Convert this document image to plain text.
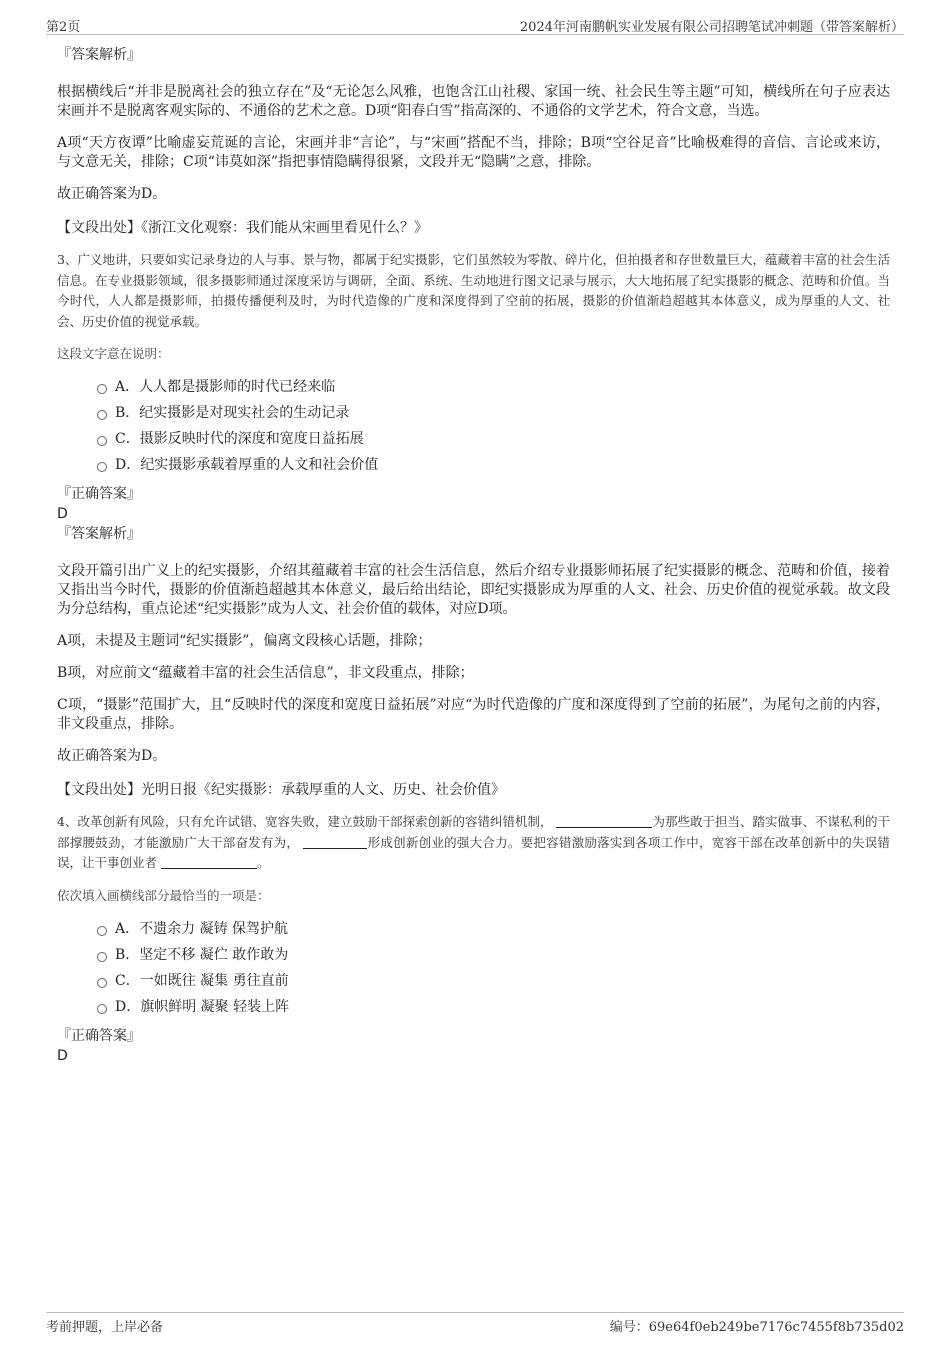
第2页	2024年河南鹏帆实业发展有限公司招聘笔试冲刺题（带答案解析）

『答案解析』

根据横线后“并非是脱离社会的独立存在”及“无论怎么风雅，也饱含江山社稷、家国一统、社会民生等主题”可知，横线所在句子应表达宋画并不是脱离客观实际的、不通俗的艺术之意。D项“阳春白雪”指高深的、不通俗的文学艺术，符合文意，当选。

A项“天方夜谭”比喻虚妄荒诞的言论，宋画并非“言论”，与“宋画”搭配不当，排除；B项“空谷足音”比喻极难得的音信、言论或来访，与文意无关，排除；C项“讳莫如深”指把事情隐瞒得很紧，文段并无“隐瞒”之意，排除。

故正确答案为D。

【文段出处】《浙江文化观察：我们能从宋画里看见什么？》

3、广义地讲，只要如实记录身边的人与事、景与物，都属于纪实摄影，它们虽然较为零散、碎片化，但拍摄者和存世数量巨大，蕴藏着丰富的社会生活信息。在专业摄影领域，很多摄影师通过深度采访与调研，全面、系统、生动地进行图文记录与展示，大大地拓展了纪实摄影的概念、范畴和价值。当今时代，人人都是摄影师，拍摄传播便利及时，为时代造像的广度和深度得到了空前的拓展，摄影的价值渐趋超越其本体意义，成为厚重的人文、社会、历史价值的视觉承载。

这段文字意在说明：

A．人人都是摄影师的时代已经来临
B．纪实摄影是对现实社会的生动记录
C．摄影反映时代的深度和宽度日益拓展
D．纪实摄影承载着厚重的人文和社会价值

『正确答案』

D

『答案解析』

文段开篇引出广义上的纪实摄影，介绍其蕴藏着丰富的社会生活信息，然后介绍专业摄影师拓展了纪实摄影的概念、范畴和价值，接着又指出当今时代，摄影的价值渐趋超越其本体意义，最后给出结论，即纪实摄影成为厚重的人文、社会、历史价值的视觉承载。故文段为分总结构，重点论述“纪实摄影”成为人文、社会价值的载体，对应D项。

A项，未提及主题词“纪实摄影”，偏离文段核心话题，排除；

B项，对应前文“蕴藏着丰富的社会生活信息”，非文段重点，排除；

C项，“摄影”范围扩大，且“反映时代的深度和宽度日益拓展”对应“为时代造像的广度和深度得到了空前的拓展”，为尾句之前的内容，非文段重点，排除。

故正确答案为D。

【文段出处】光明日报《纪实摄影：承载厚重的人文、历史、社会价值》

4、改革创新有风险，只有允许试错、宽容失败，建立鼓励干部探索创新的容错纠错机制，	为那些敢于担当、踏实做事、不谋私利的干部撑腰鼓劲，才能激励广大干部奋发有为，	形成创新创业的强大合力。要把容错激励落实到各项工作中，宽容干部在改革创新中的失误错误，让干事创业者	。

依次填入画横线部分最恰当的一项是：

A．不遗余力 凝铸 保驾护航
B．坚定不移 凝伫 敢作敢为
C．一如既往 凝集 勇往直前
D．旗帜鲜明 凝聚 轻装上阵

『正确答案』

D

考前押题，上岸必备	编号：69e64f0eb249be7176c7455f8b735d02
